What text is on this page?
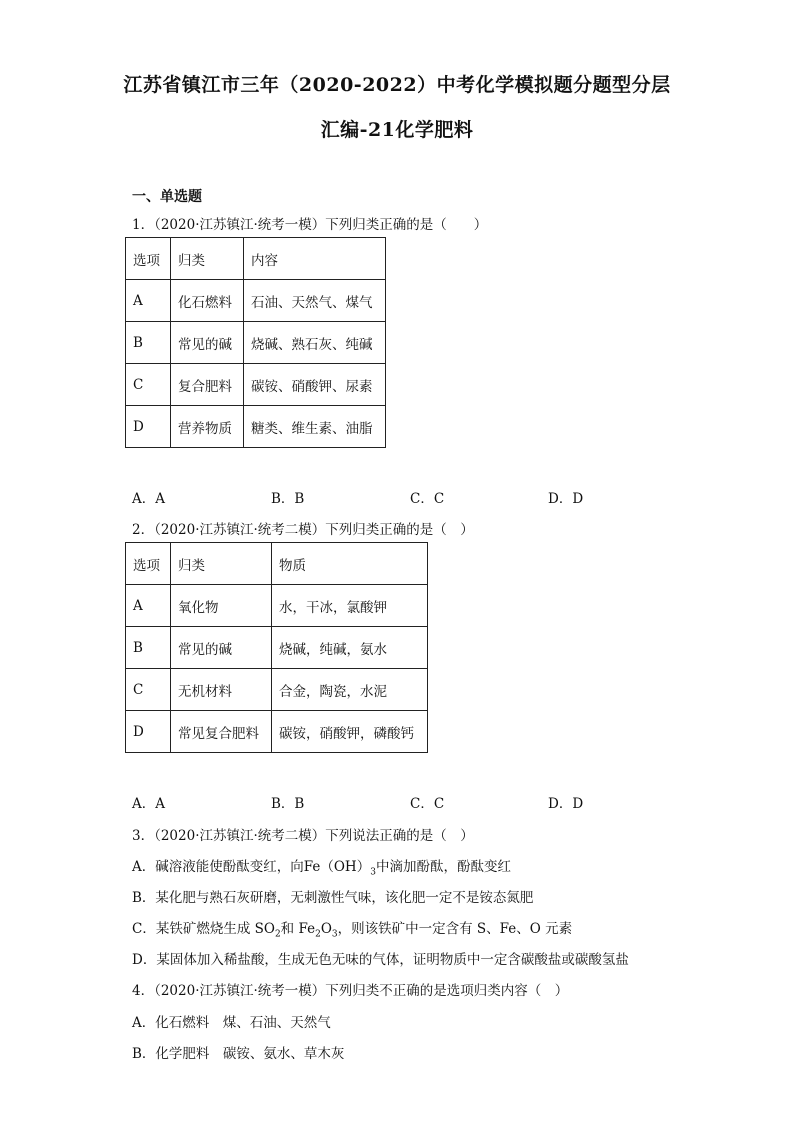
江苏省镇江市三年（2020-2022）中考化学模拟题分题型分层
汇编-21化学肥料
一、单选题
1．（2020·江苏镇江·统考一模）下列归类正确的是（　　）
选项	归类	内容
A	化石燃料	石油、天然气、煤气
B	常见的碱	烧碱、熟石灰、纯碱
C	复合肥料	碳铵、硝酸钾、尿素
D	营养物质	糖类、维生素、油脂
A．A	B．B	C．C	D．D
2．（2020·江苏镇江·统考二模）下列归类正确的是（　）
选项	归类	物质
A	氧化物	水，干冰，氯酸钾
B	常见的碱	烧碱，纯碱，氨水
C	无机材料	合金，陶瓷，水泥
D	常见复合肥料	碳铵，硝酸钾，磷酸钙
A．A	B．B	C．C	D．D
3．（2020·江苏镇江·统考二模）下列说法正确的是（　）
A．碱溶液能使酚酞变红，向$Fe(OH)_3$中滴加酚酞，酚酞变红
B．某化肥与熟石灰研磨，无刺激性气味，该化肥一定不是铵态氮肥
C．某铁矿燃烧生成 $SO_2$和 $Fe_2O_3$，则该铁矿中一定含有 S、Fe、O 元素
D．某固体加入稀盐酸，生成无色无味的气体，证明物质中一定含碳酸盐或碳酸氢盐
4．（2020·江苏镇江·统考一模）下列归类不正确的是选项归类内容（　）
A．化石燃料　煤、石油、天然气
B．化学肥料　碳铵、氨水、草木灰
